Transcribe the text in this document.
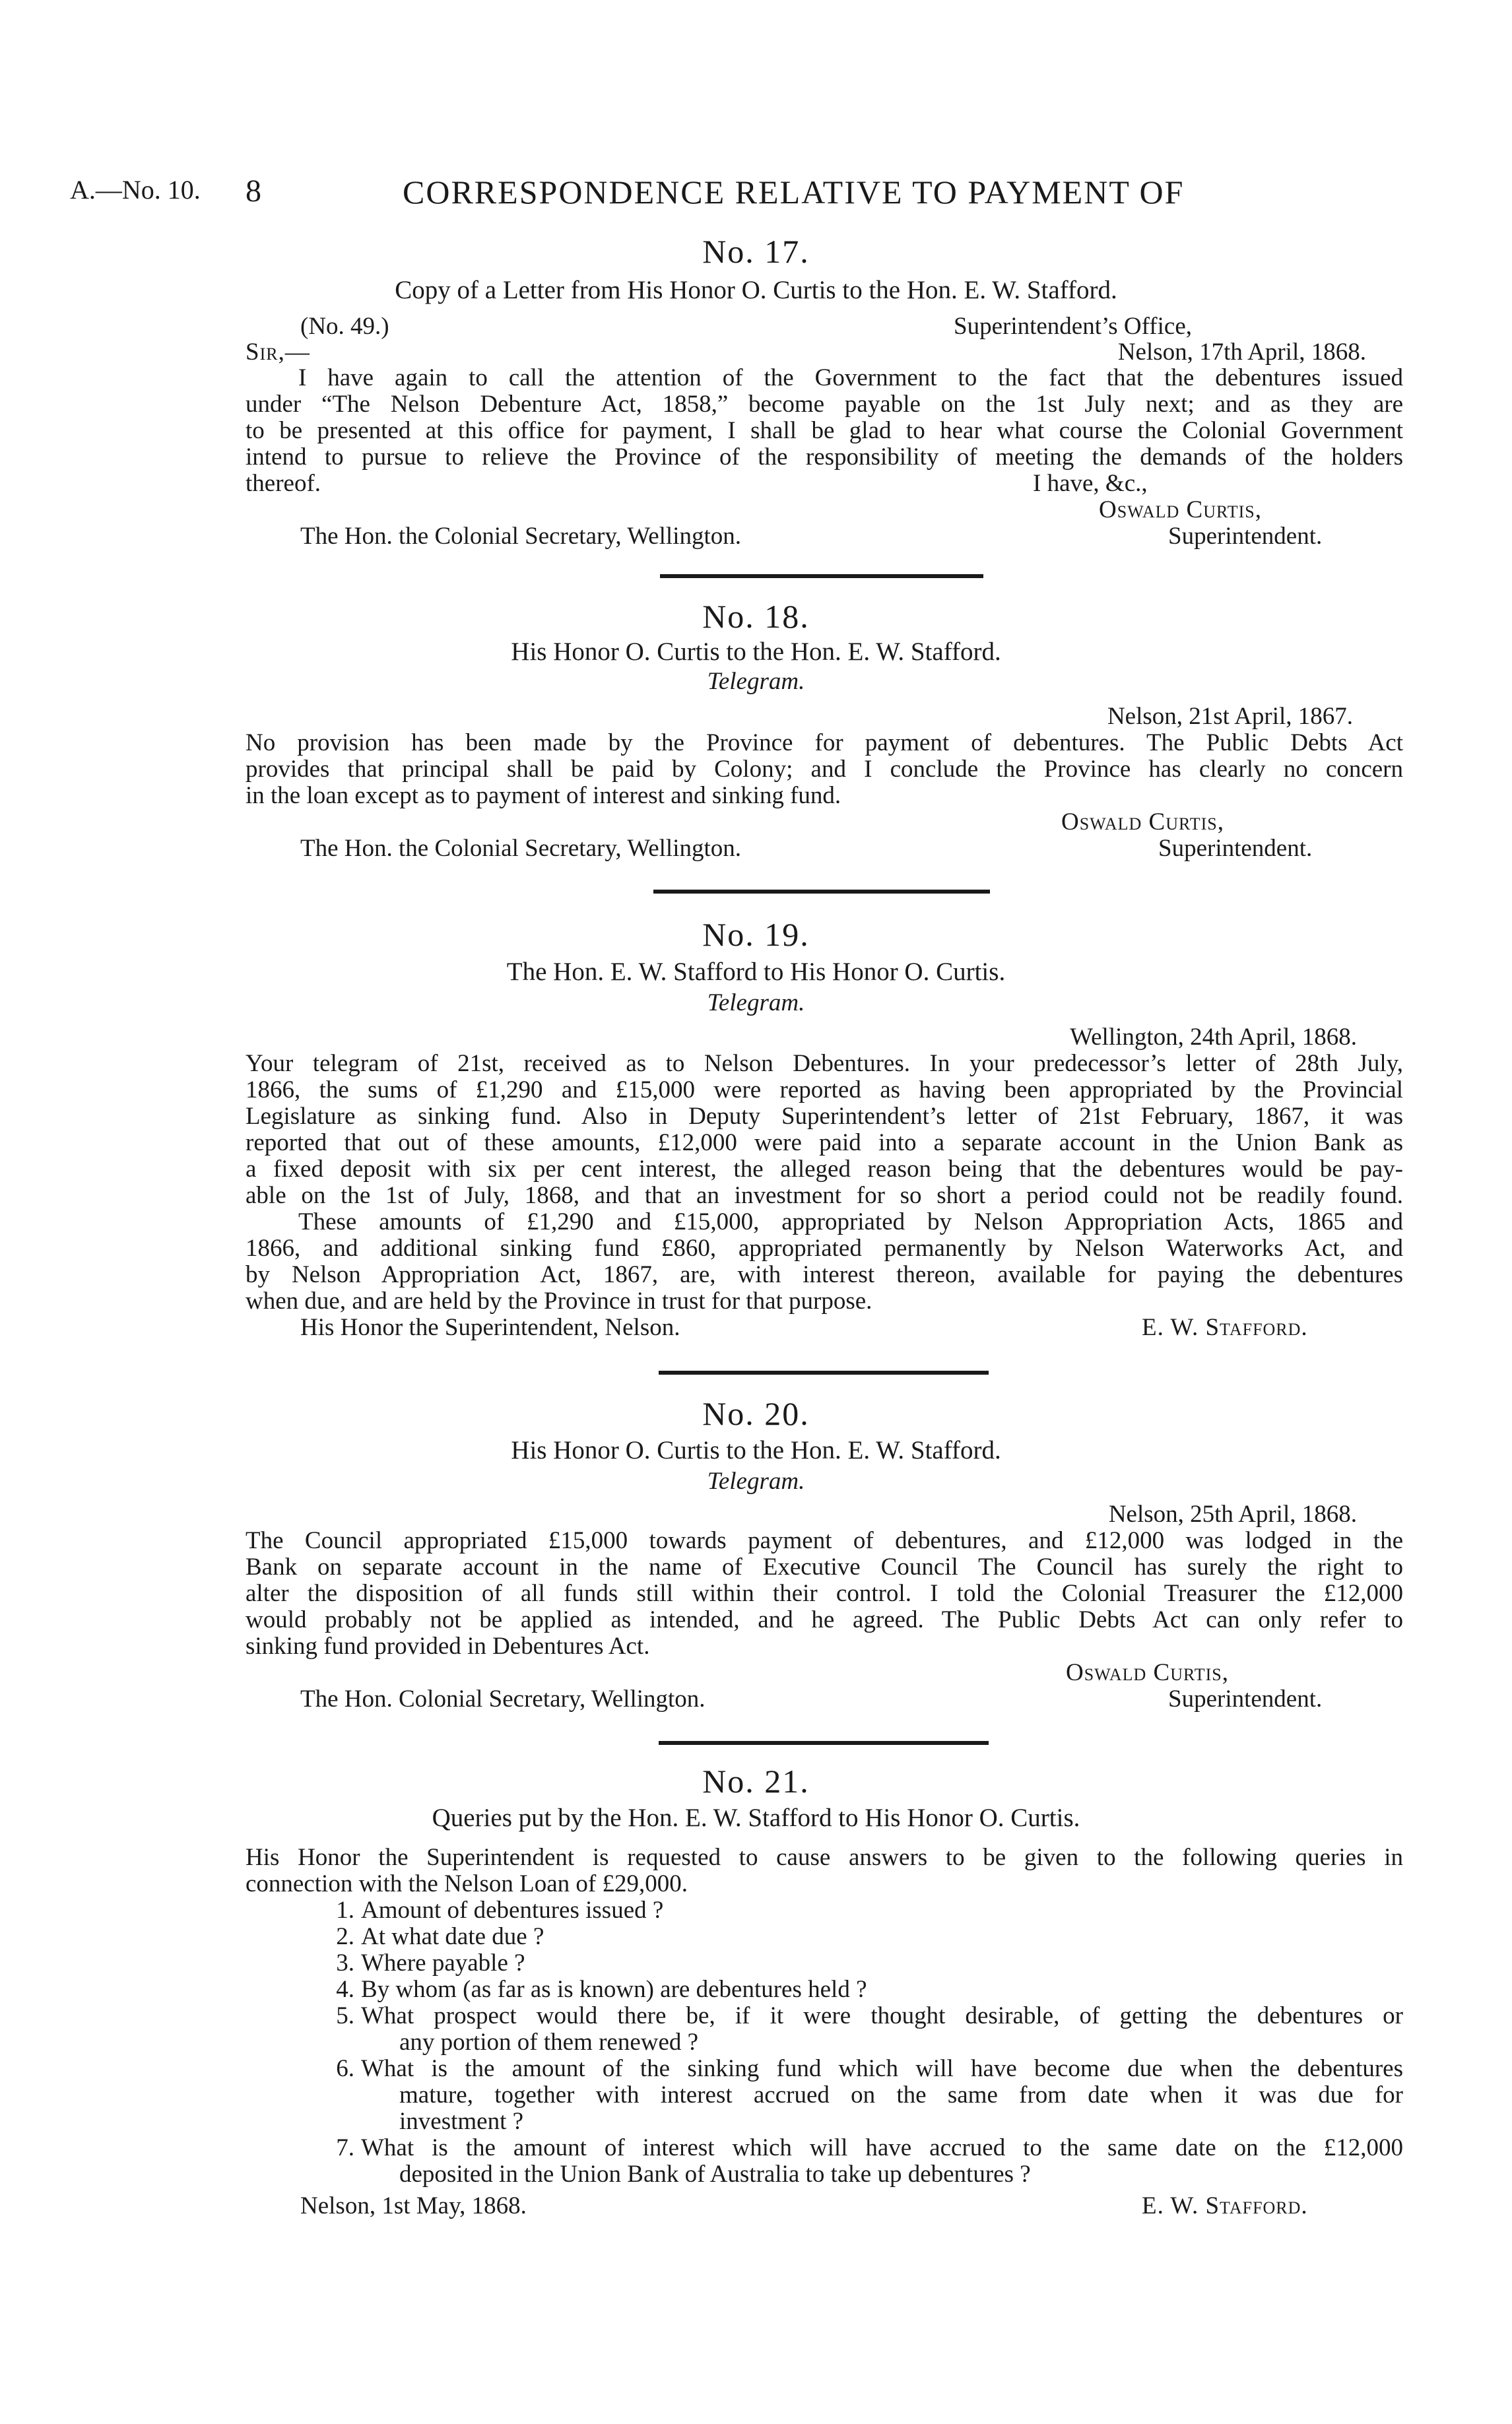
A.—No. 10. 8	CORRESPONDENCE RELATIVE TO PAYMENT OF
No. 17.
Copy of a Letter from His Honor O. Curtis to the Hon. E. W. Stafford.
(No. 49.)	Superintendent’s Office,
Sir,—	Nelson, 17th April, 1868.
I have again to call the attention of the Government to the fact that the debentures issued
under “The Nelson Debenture Act, 1858,” become payable on the 1st July next; and as they are
to be presented at this office for payment, I shall be glad to hear what course the Colonial Government
intend to pursue to relieve the Province of the responsibility of meeting the demands of the holders
thereof.	I have, &c.,
Oswald Curtis,
The Hon. the Colonial Secretary, Wellington.	Superintendent.
No. 18.
His Honor O. Curtis to the Hon. E. W. Stafford.
Telegram.
Nelson, 21st April, 1867.
No provision has been made by the Province for payment of debentures. The Public Debts Act
provides that principal shall be paid by Colony; and I conclude the Province has clearly no concern
in the loan except as to payment of interest and sinking fund.
Oswald Curtis,
The Hon. the Colonial Secretary, Wellington.	Superintendent.
No. 19.
The Hon. E. W. Stafford to His Honor O. Curtis.
Telegram.
Wellington, 24th April, 1868.
Your telegram of 21st, received as to Nelson Debentures. In your predecessor’s letter of 28th July,
1866, the sums of £1,290 and £15,000 were reported as having been appropriated by the Provincial
Legislature as sinking fund. Also in Deputy Superintendent’s letter of 21st February, 1867, it was
reported that out of these amounts, £12,000 were paid into a separate account in the Union Bank as
a fixed deposit with six per cent interest, the alleged reason being that the debentures would be pay-
able on the 1st of July, 1868, and that an investment for so short a period could not be readily found.
These amounts of £1,290 and £15,000, appropriated by Nelson Appropriation Acts, 1865 and
1866, and additional sinking fund £860, appropriated permanently by Nelson Waterworks Act, and
by Nelson Appropriation Act, 1867, are, with interest thereon, available for paying the debentures
when due, and are held by the Province in trust for that purpose.
His Honor the Superintendent, Nelson.	E. W. Stafford.
No. 20.
His Honor O. Curtis to the Hon. E. W. Stafford.
Telegram.
Nelson, 25th April, 1868.
The Council appropriated £15,000 towards payment of debentures, and £12,000 was lodged in the
Bank on separate account in the name of Executive Council The Council has surely the right to
alter the disposition of all funds still within their control. I told the Colonial Treasurer the £12,000
would probably not be applied as intended, and he agreed. The Public Debts Act can only refer to
sinking fund provided in Debentures Act.
Oswald Curtis,
The Hon. Colonial Secretary, Wellington.	Superintendent.
No. 21.
Queries put by the Hon. E. W. Stafford to His Honor O. Curtis.
His Honor the Superintendent is requested to cause answers to be given to the following queries in
connection with the Nelson Loan of £29,000.
1. Amount of debentures issued ?
2. At what date due ?
3. Where payable ?
4. By whom (as far as is known) are debentures held ?
5. What prospect would there be, if it were thought desirable, of getting the debentures or
any portion of them renewed ?
6. What is the amount of the sinking fund which will have become due when the debentures
mature, together with interest accrued on the same from date when it was due for
investment ?
7. What is the amount of interest which will have accrued to the same date on the £12,000
deposited in the Union Bank of Australia to take up debentures ?
Nelson, 1st May, 1868.	E. W. Stafford.
